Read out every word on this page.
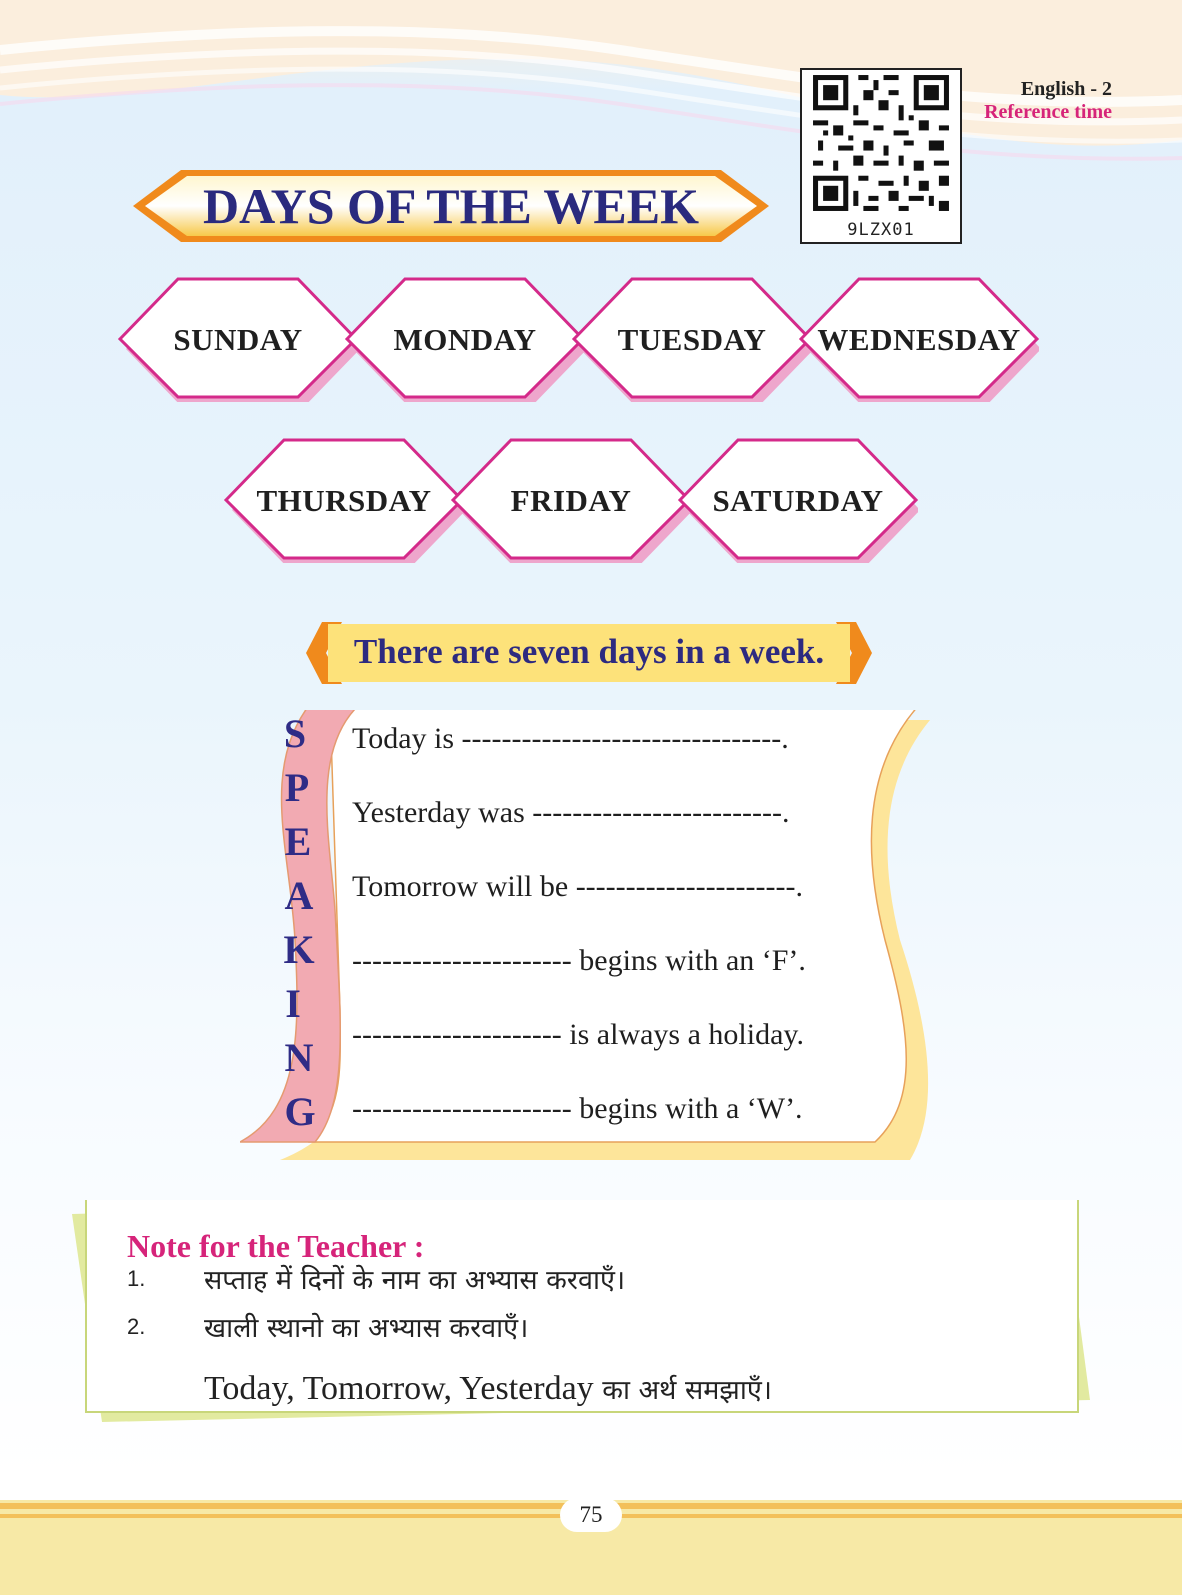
English - 2
Reference time
9LZX01
DAYS OF THE WEEK
SUNDAY	MONDAY	TUESDAY	WEDNESDAY
THURSDAY	FRIDAY	SATURDAY
There are seven days in a week.
S
P
E
A
K
I
N
G
Today is --------------------------------.
Yesterday was -------------------------.
Tomorrow will be ----------------------.
---------------------- begins with an ‘F’.
--------------------- is always a holiday.
---------------------- begins with a ‘W’.
Note for the Teacher :
1. सप्ताह में दिनों के नाम का अभ्यास करवाएँ।
2. खाली स्थानो का अभ्यास करवाएँ।
Today, Tomorrow, Yesterday का अर्थ समझाएँ।
75
